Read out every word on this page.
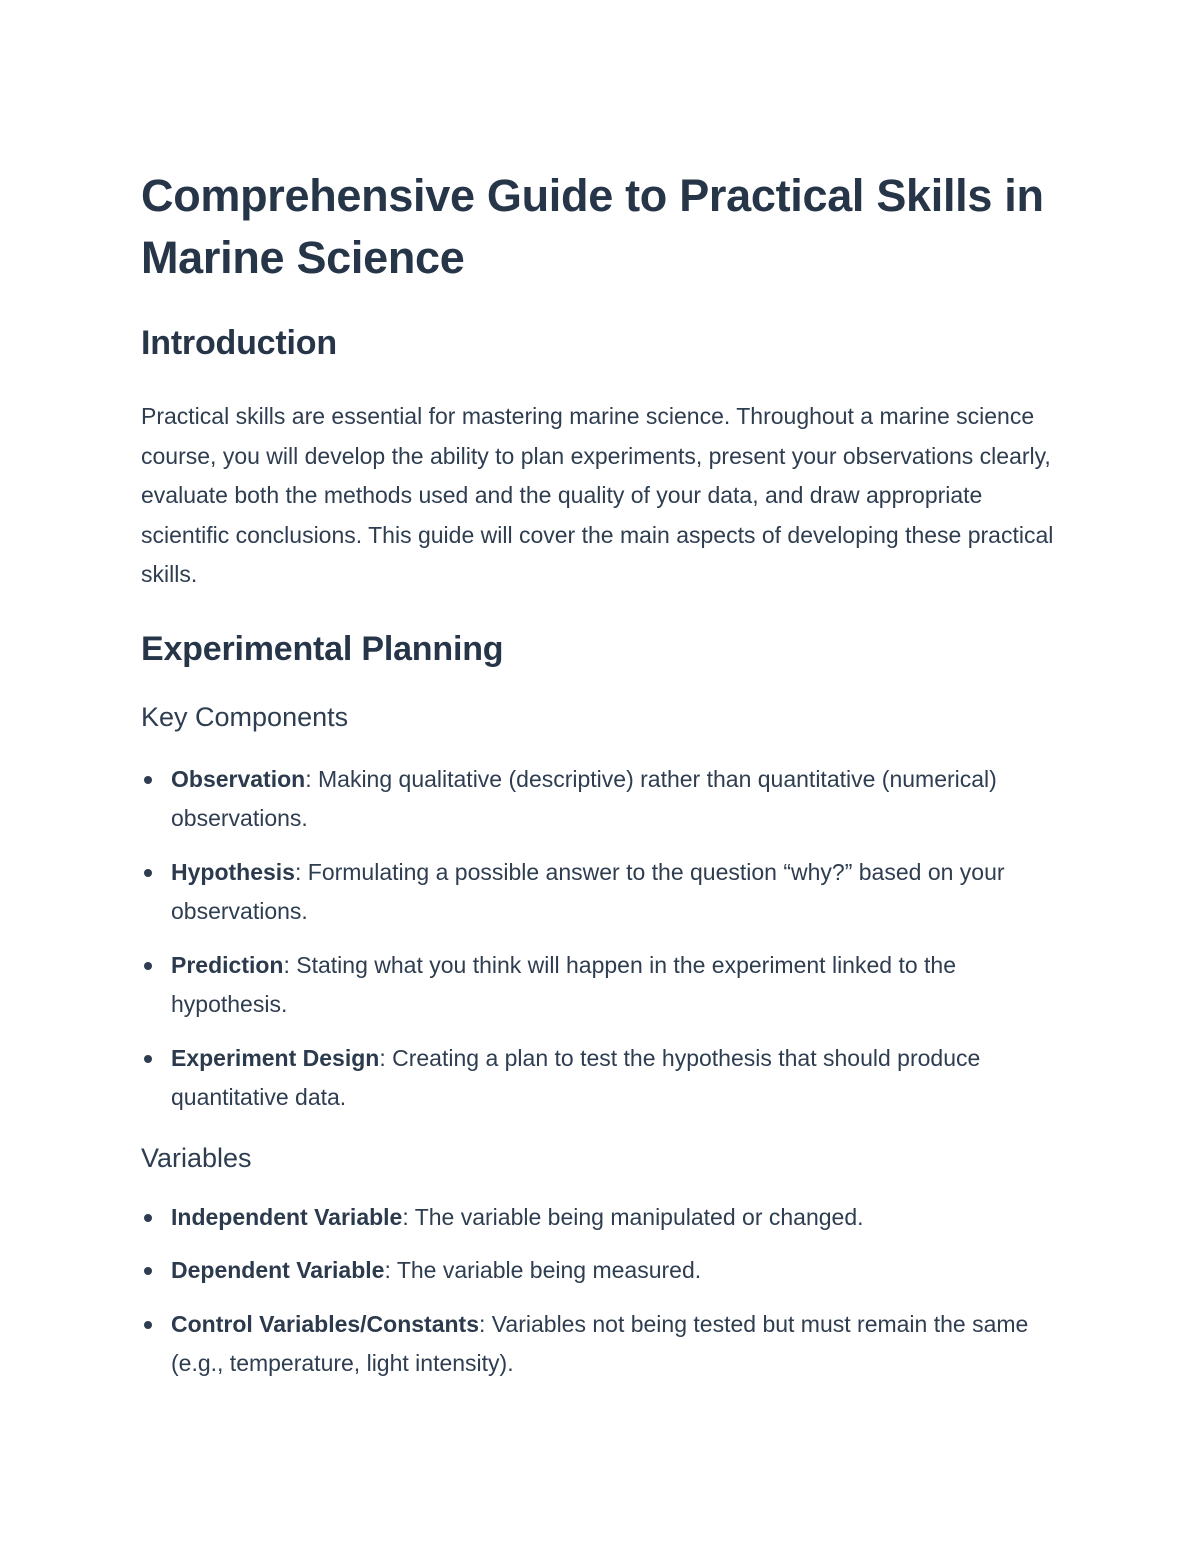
Comprehensive Guide to Practical Skills in Marine Science
Introduction

Practical skills are essential for mastering marine science. Throughout a marine science course, you will develop the ability to plan experiments, present your observations clearly, evaluate both the methods used and the quality of your data, and draw appropriate scientific conclusions. This guide will cover the main aspects of developing these practical skills.

Experimental Planning
Key Components
Observation: Making qualitative (descriptive) rather than quantitative (numerical) observations.
Hypothesis: Formulating a possible answer to the question “why?” based on your observations.
Prediction: Stating what you think will happen in the experiment linked to the hypothesis.
Experiment Design: Creating a plan to test the hypothesis that should produce quantitative data.
Variables
Independent Variable: The variable being manipulated or changed.
Dependent Variable: The variable being measured.
Control Variables/Constants: Variables not being tested but must remain the same (e.g., temperature, light intensity).
